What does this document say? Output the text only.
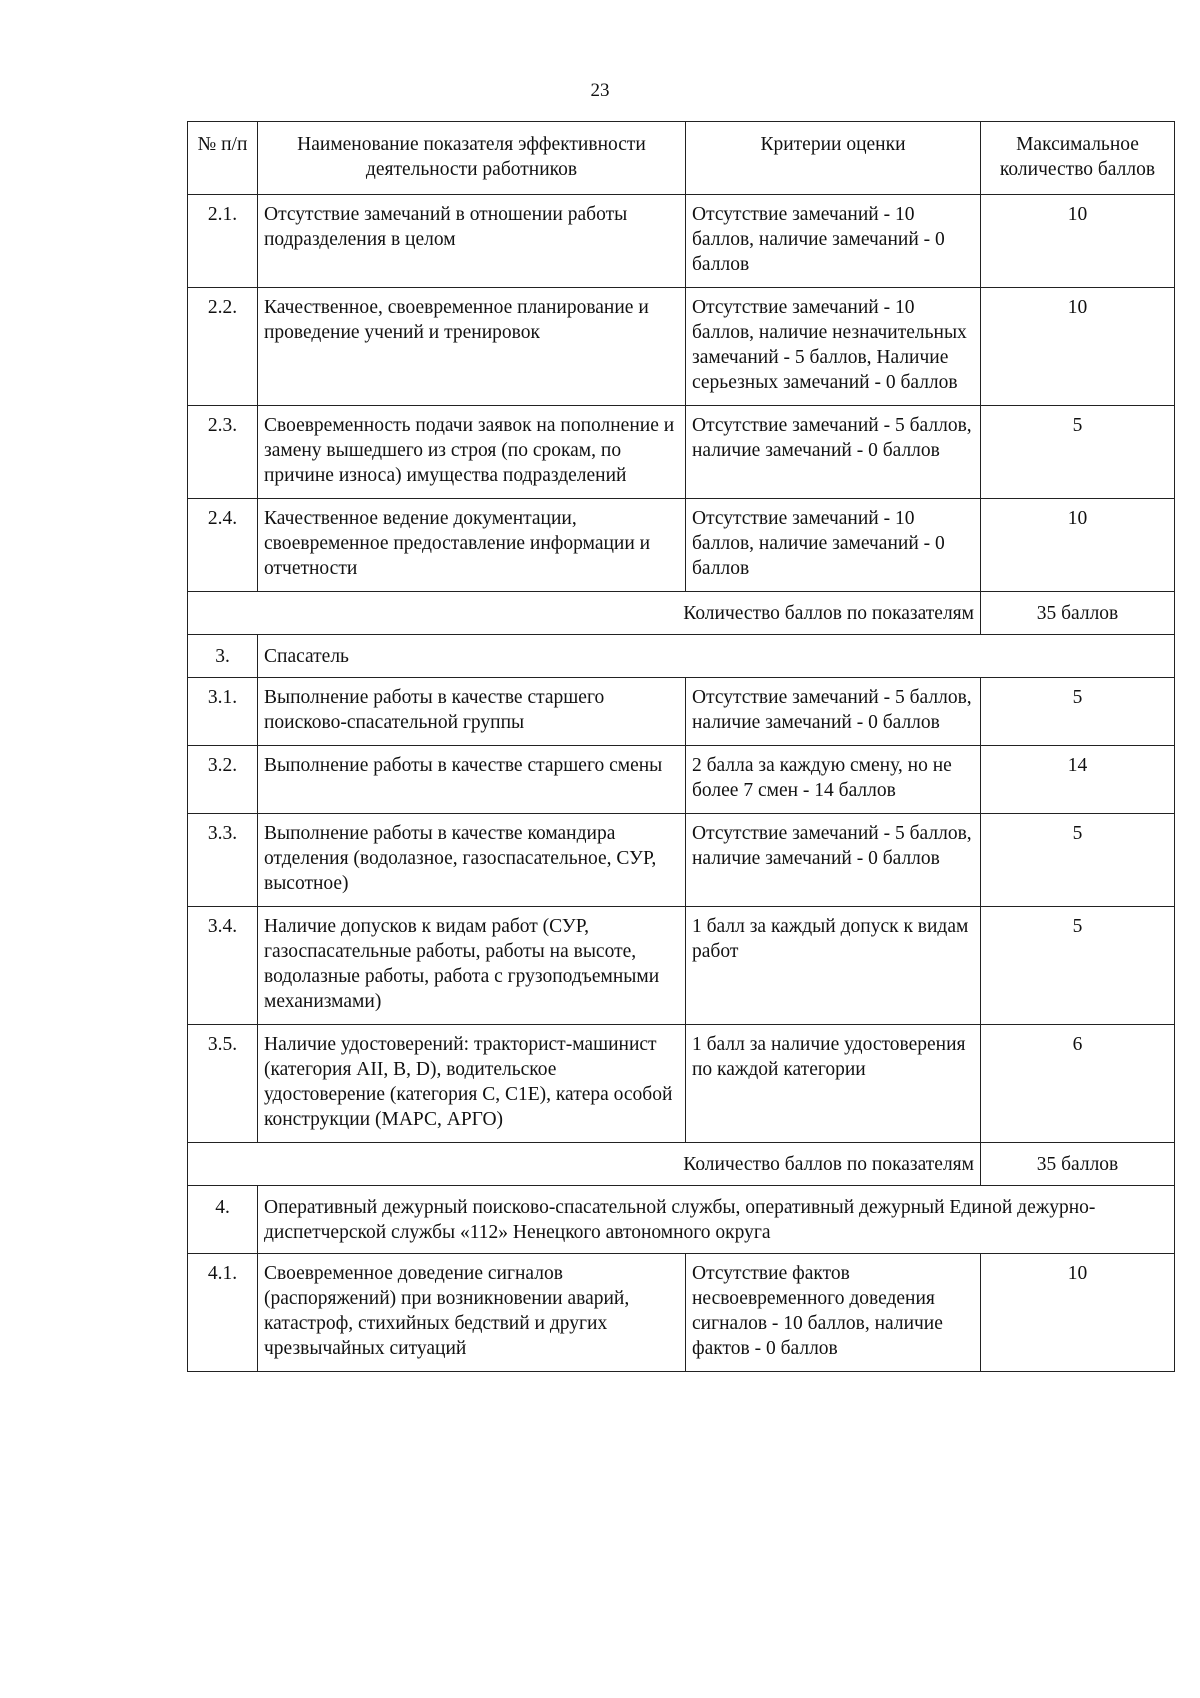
23
№ п/п	Наименование показателя эффективности деятельности работников	Критерии оценки	Максимальное количество баллов
2.1.	Отсутствие замечаний в отношении работы подразделения в целом	Отсутствие замечаний - 10 баллов, наличие замечаний - 0 баллов	10
2.2.	Качественное, своевременное планирование и проведение учений и тренировок	Отсутствие замечаний - 10 баллов, наличие незначительных замечаний - 5 баллов, Наличие серьезных замечаний - 0 баллов	10
2.3.	Своевременность подачи заявок на пополнение и замену вышедшего из строя (по срокам, по причине износа) имущества подразделений	Отсутствие замечаний - 5 баллов, наличие замечаний - 0 баллов	5
2.4.	Качественное ведение документации, своевременное предоставление информации и отчетности	Отсутствие замечаний - 10 баллов, наличие замечаний - 0 баллов	10
Количество баллов по показателям			35 баллов
3.	Спасатель		
3.1.	Выполнение работы в качестве старшего поисково-спасательной группы	Отсутствие замечаний - 5 баллов, наличие замечаний - 0 баллов	5
3.2.	Выполнение работы в качестве старшего смены	2 балла за каждую смену, но не более 7 смен - 14 баллов	14
3.3.	Выполнение работы в качестве командира отделения (водолазное, газоспасательное, СУР, высотное)	Отсутствие замечаний - 5 баллов, наличие замечаний - 0 баллов	5
3.4.	Наличие допусков к видам работ (СУР, газоспасательные работы, работы на высоте, водолазные работы, работа с грузоподъемными механизмами)	1 балл за каждый допуск к видам работ	5
3.5.	Наличие удостоверений: тракторист-машинист (категория АІІ, В, D), водительское удостоверение (категория С, С1Е), катера особой конструкции (МАРС, АРГО)	1 балл за наличие удостоверения по каждой категории	6
Количество баллов по показателям			35 баллов
4.	Оперативный дежурный поисково-спасательной службы, оперативный дежурный Единой дежурно-диспетчерской службы «112» Ненецкого автономного округа		
4.1.	Своевременное доведение сигналов (распоряжений) при возникновении аварий, катастроф, стихийных бедствий и других чрезвычайных ситуаций	Отсутствие фактов несвоевременного доведения сигналов - 10 баллов, наличие фактов - 0 баллов	10
